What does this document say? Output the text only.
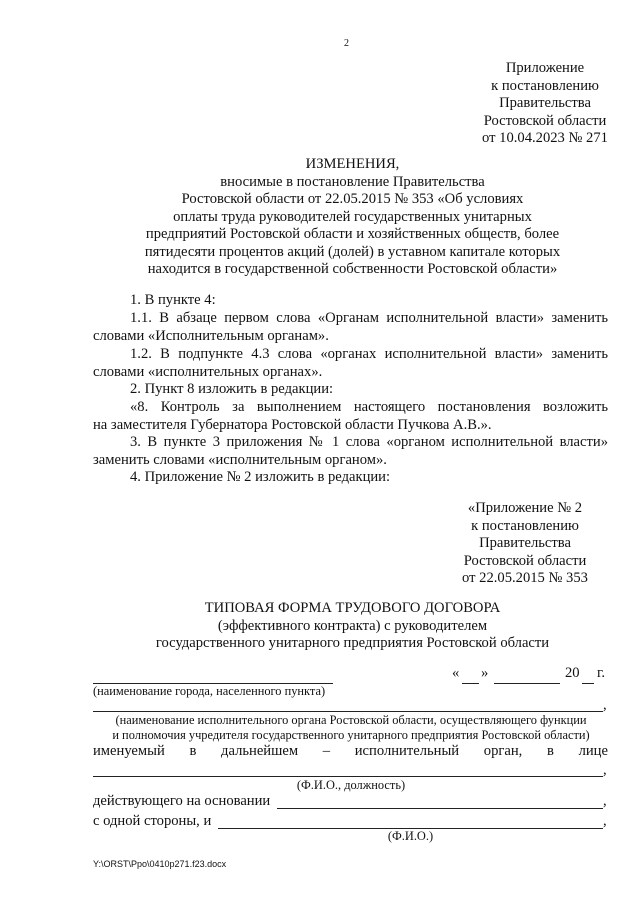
2
Приложение
к постановлению
Правительства
Ростовской области
от 10.04.2023 № 271
ИЗМЕНЕНИЯ,
вносимые в постановление Правительства
Ростовской области от 22.05.2015 № 353 «Об условиях
оплаты труда руководителей государственных унитарных
предприятий Ростовской области и хозяйственных обществ, более
пятидесяти процентов акций (долей) в уставном капитале которых
находится в государственной собственности Ростовской области»
1. В пункте 4:
1.1. В абзаце первом слова «Органам исполнительной власти» заменить
словами «Исполнительным органам».
1.2. В подпункте 4.3 слова «органах исполнительной власти» заменить
словами «исполнительных органах».
2. Пункт 8 изложить в редакции:
«8. Контроль за выполнением настоящего постановления возложить
на заместителя Губернатора Ростовской области Пучкова А.В.».
3. В пункте 3 приложения № 1 слова «органом исполнительной власти»
заменить словами «исполнительным органом».
4. Приложение № 2 изложить в редакции:
«Приложение № 2
к постановлению
Правительства
Ростовской области
от 22.05.2015 № 353
ТИПОВАЯ ФОРМА ТРУДОВОГО ДОГОВОРА
(эффективного контракта) с руководителем
государственного унитарного предприятия Ростовской области
« »	20 г.
(наименование города, населенного пункта)
,
(наименование исполнительного органа Ростовской области, осуществляющего функции
и полномочия учредителя государственного унитарного предприятия Ростовской области)
именуемый в дальнейшем – исполнительный орган, в лице
,
(Ф.И.О., должность)
действующего на основании	,
с одной стороны, и	,
(Ф.И.О.)
Y:\ORST\Ppo\0410p271.f23.docx
